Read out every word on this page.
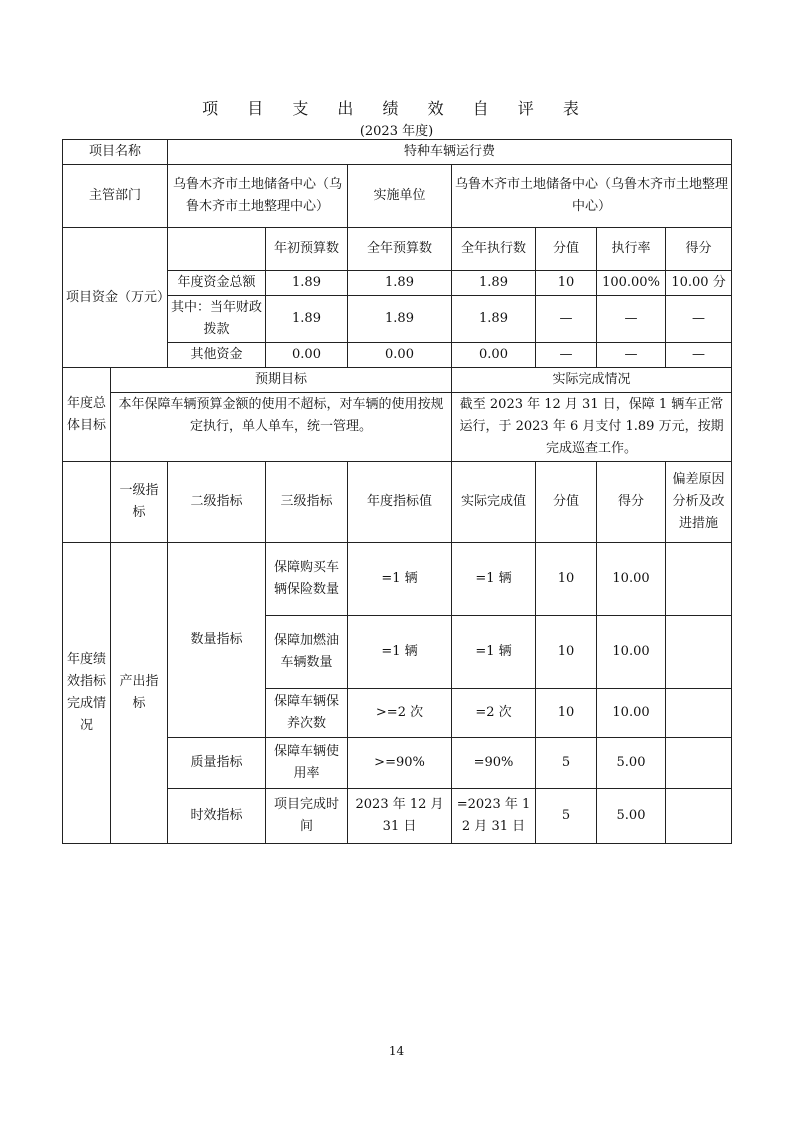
项 目 支 出 绩 效 自 评 表
(2023 年度)
项目名称		特种车辆运行费						
主管部门		乌鲁木齐市土地储备中心（乌鲁木齐市土地整理中心）		实施单位	乌鲁木齐市土地储备中心（乌鲁木齐市土地整理中心）			
项目资金（万元）			年初预算数	全年预算数	全年执行数	分值	执行率	得分
		年度资金总额	1.89	1.89	1.89	10	100.00%	10.00 分
		其中：当年财政拨款	1.89	1.89	1.89	—	—	—
		其他资金	0.00	0.00	0.00	—	—	—
年度总体目标	预期目标				实际完成情况			
	本年保障车辆预算金额的使用不超标，对车辆的使用按规定执行，单人单车，统一管理。				截至 2023 年 12 月 31 日，保障 1 辆车正常运行，于 2023 年 6 月支付 1.89 万元，按期完成巡查工作。			
	一级指标	二级指标	三级指标	年度指标值	实际完成值	分值	得分	偏差原因分析及改进措施
年度绩效指标完成情况	产出指标	数量指标	保障购买车辆保险数量	=1 辆	=1 辆	10	10.00	
			保障加燃油车辆数量	=1 辆	=1 辆	10	10.00	
			保障车辆保养次数	>=2 次	=2 次	10	10.00	
		质量指标	保障车辆使用率	>=90%	=90%	5	5.00	
		时效指标	项目完成时间	2023 年 12 月 31 日	=2023 年 12 月 31 日	5	5.00	
14
